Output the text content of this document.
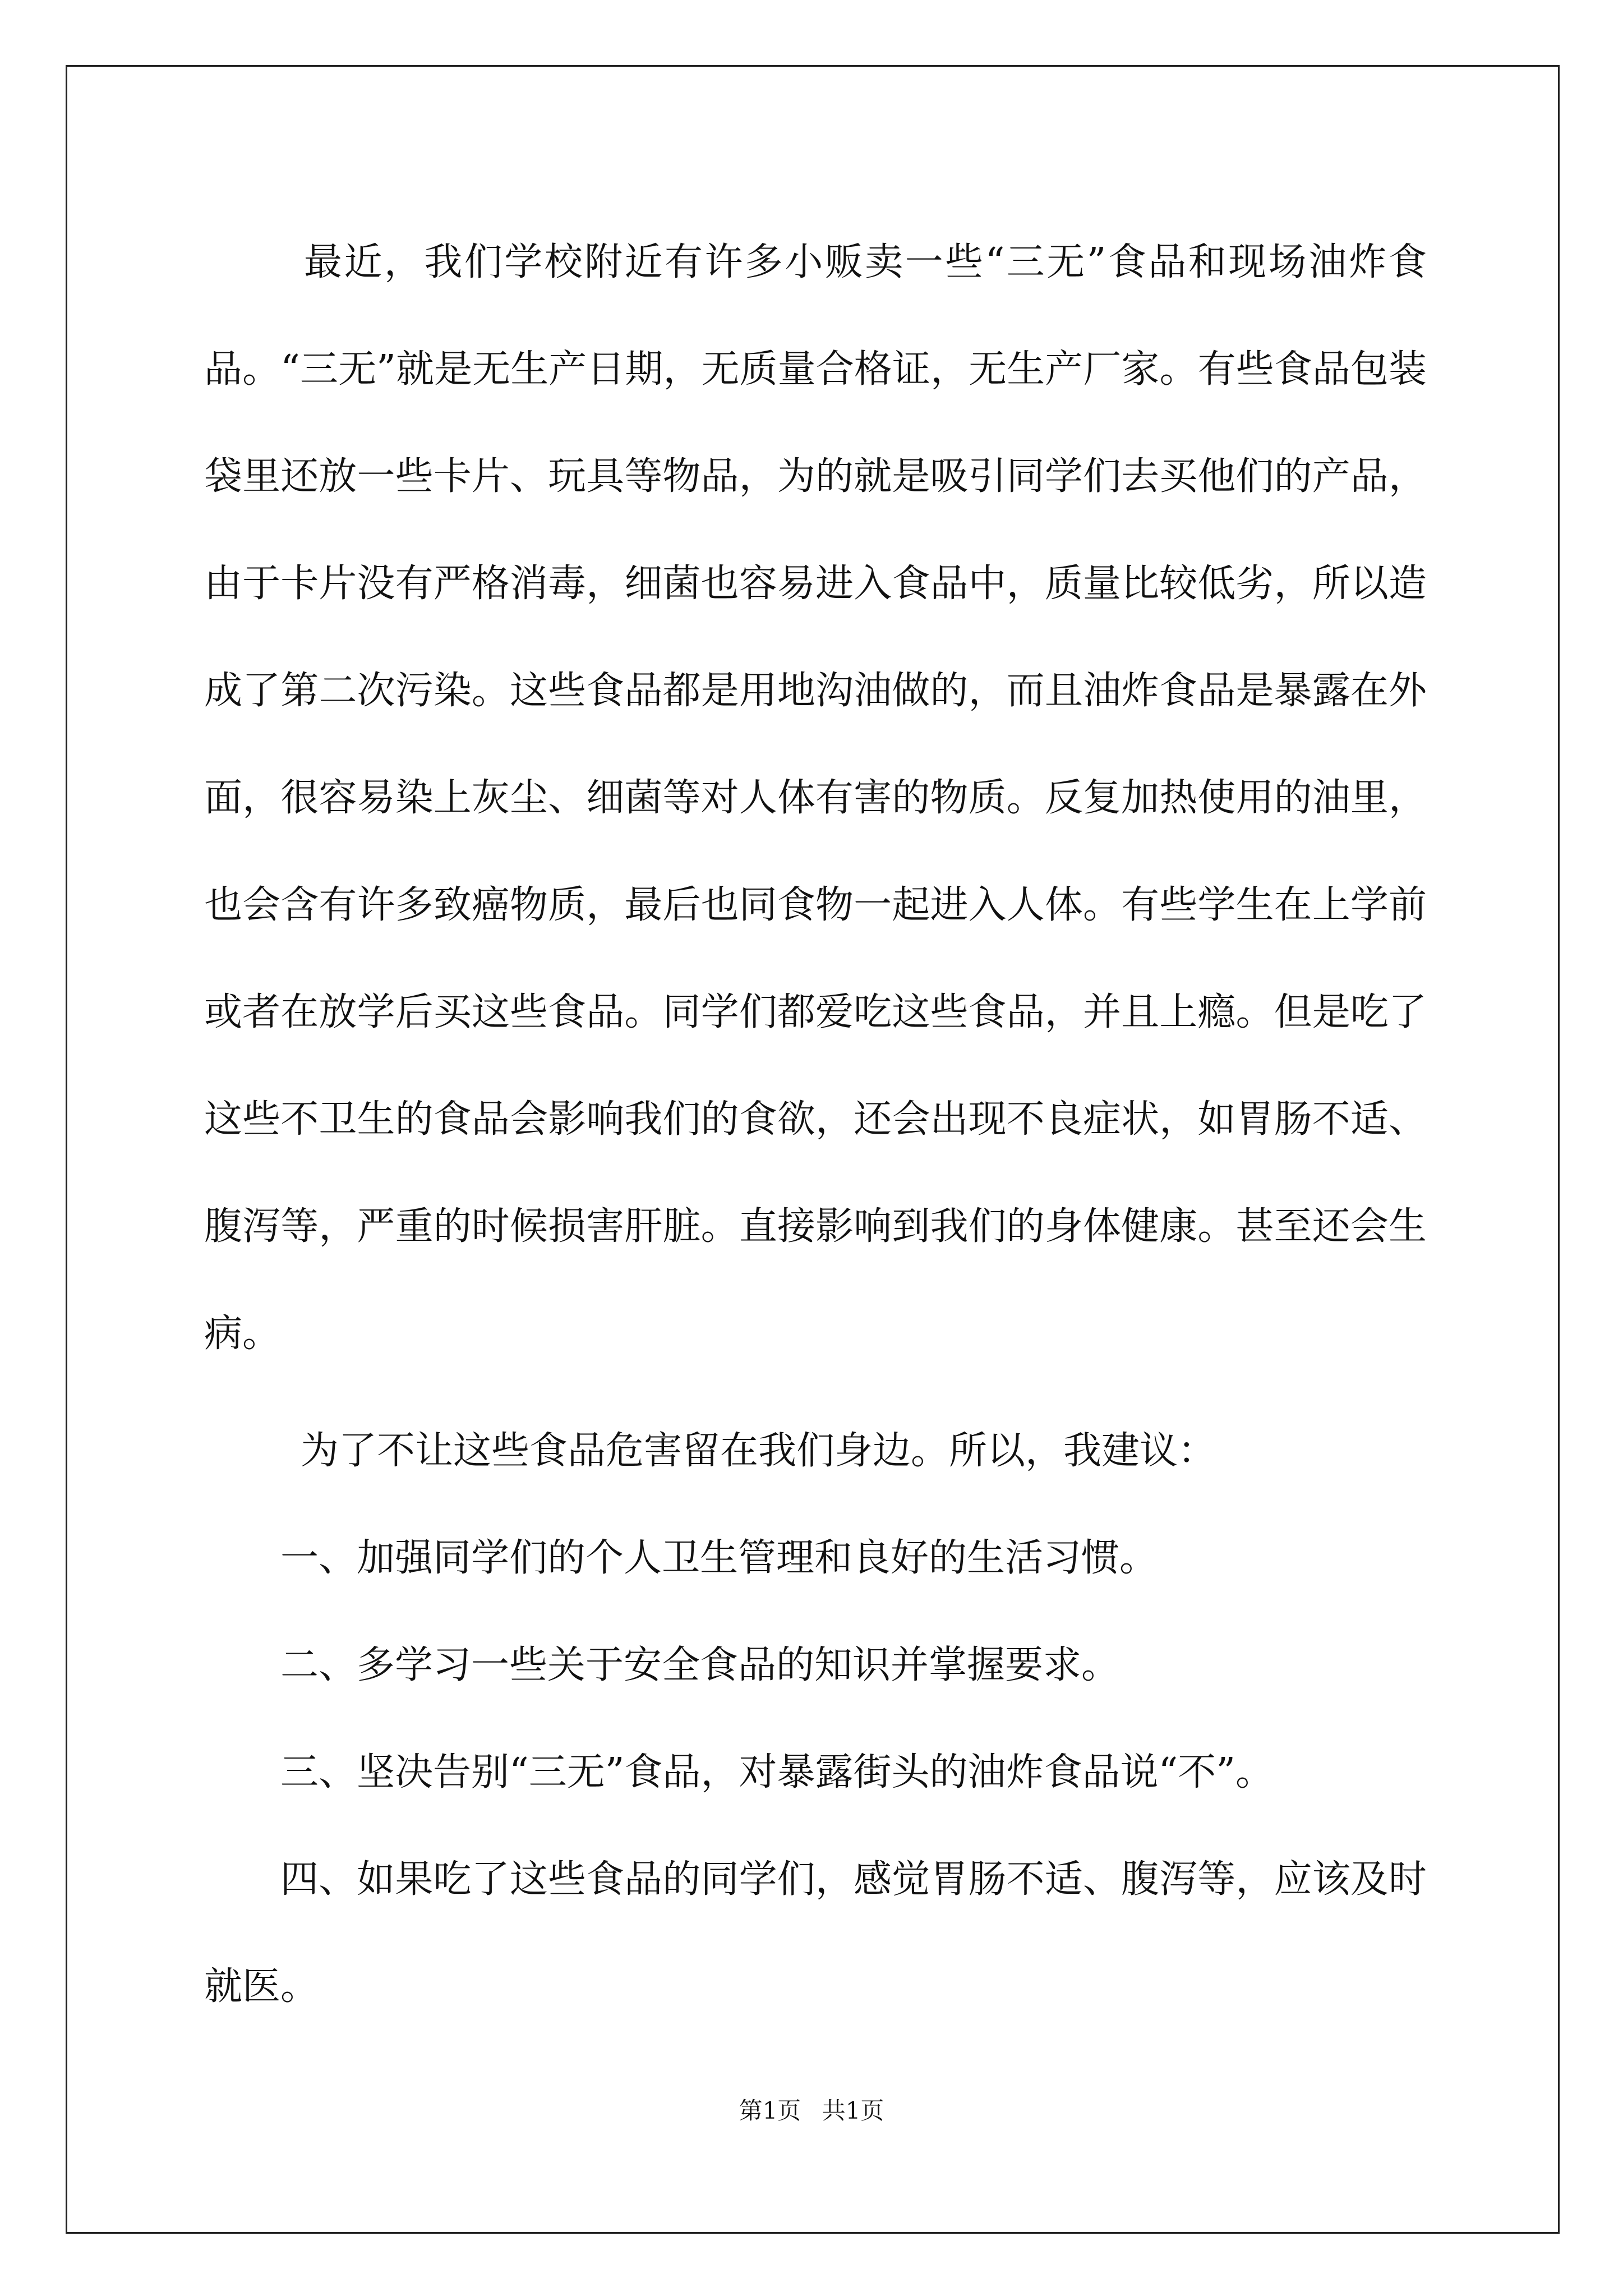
最近，我们学校附近有许多小贩卖一些“三无”食品和现场油炸食品。“三无”就是无生产日期，无质量合格证，无生产厂家。有些食品包装袋里还放一些卡片、玩具等物品，为的就是吸引同学们去买他们的产品，由于卡片没有严格消毒，细菌也容易进入食品中，质量比较低劣，所以造成了第二次污染。这些食品都是用地沟油做的，而且油炸食品是暴露在外面，很容易染上灰尘、细菌等对人体有害的物质。反复加热使用的油里，也会含有许多致癌物质，最后也同食物一起进入人体。有些学生在上学前或者在放学后买这些食品。同学们都爱吃这些食品，并且上瘾。但是吃了这些不卫生的食品会影响我们的食欲，还会出现不良症状，如胃肠不适、腹泻等，严重的时候损害肝脏。直接影响到我们的身体健康。甚至还会生病。

为了不让这些食品危害留在我们身边。所以，我建议：

一、加强同学们的个人卫生管理和良好的生活习惯。

二、多学习一些关于安全食品的知识并掌握要求。

三、坚决告别“三无”食品，对暴露街头的油炸食品说“不”。

四、如果吃了这些食品的同学们，感觉胃肠不适、腹泻等，应该及时就医。

第1页 共1页
